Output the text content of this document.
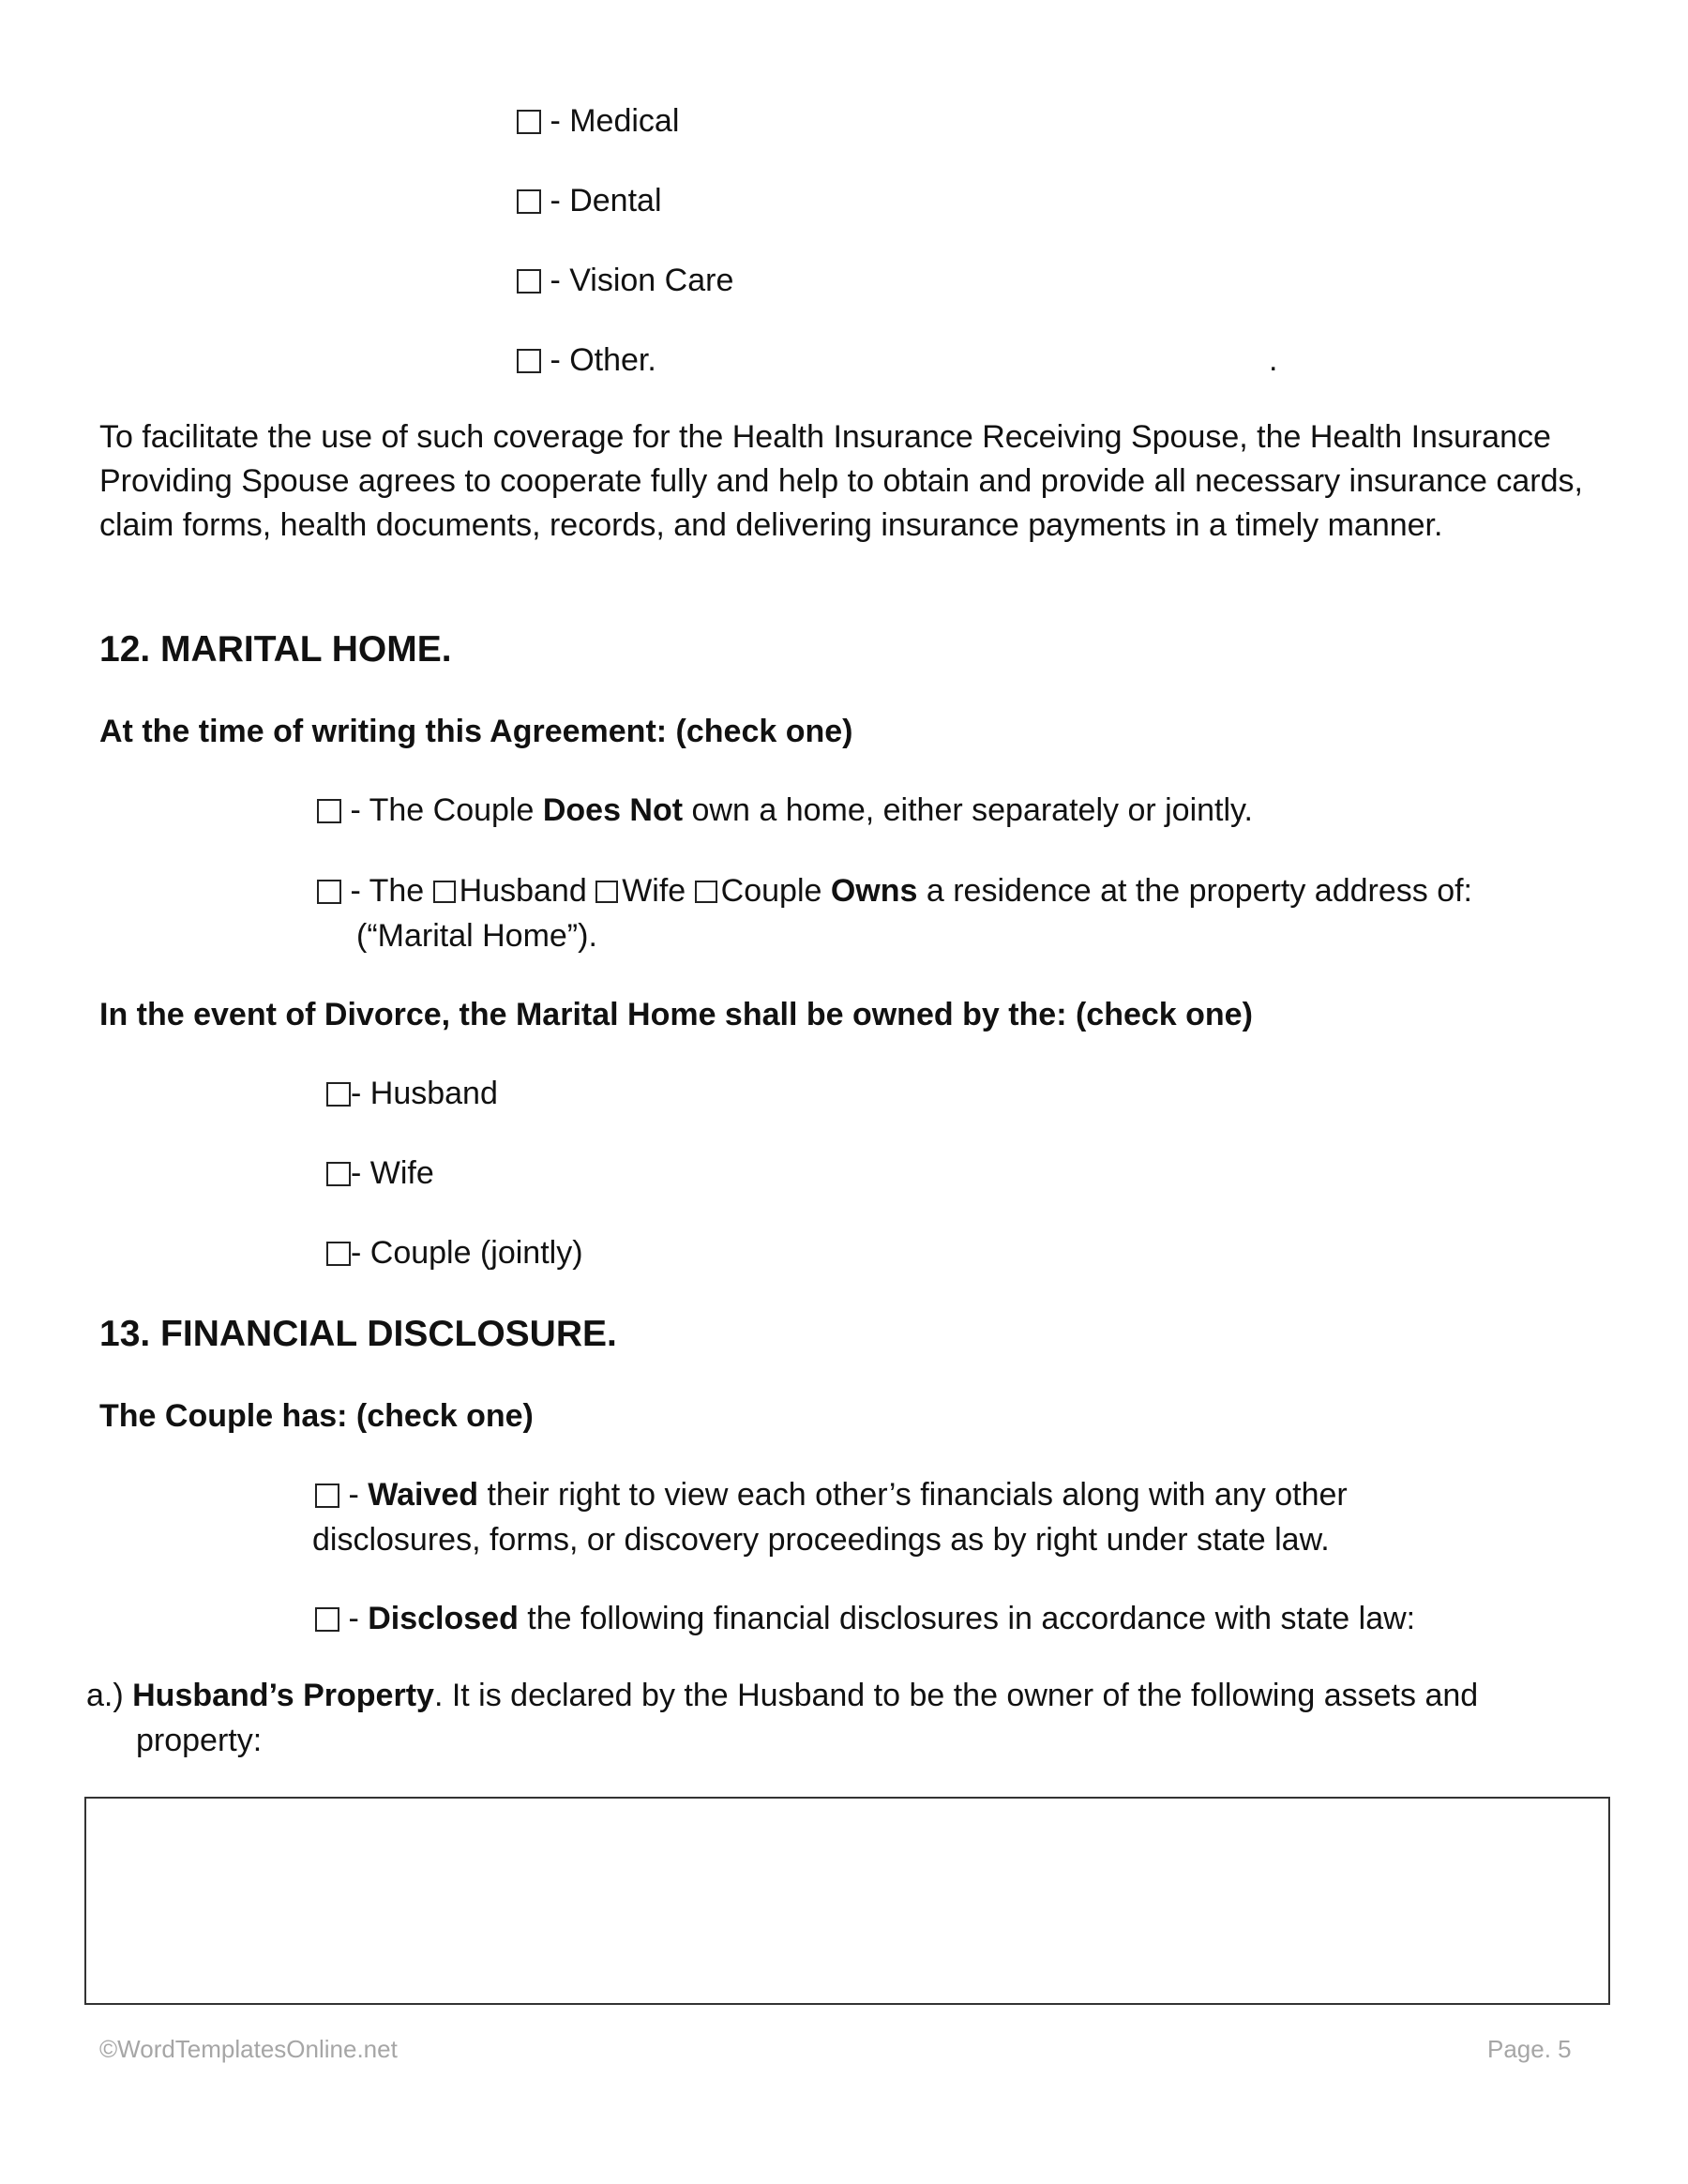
- Medical
- Dental
- Vision Care
- Other.	.
To facilitate the use of such coverage for the Health Insurance Receiving Spouse, the Health Insurance Providing Spouse agrees to cooperate fully and help to obtain and provide all necessary insurance cards, claim forms, health documents, records, and delivering insurance payments in a timely manner.
12. MARITAL HOME.
At the time of writing this Agreement: (check one)
- The Couple Does Not own a home, either separately or jointly.
- The Husband Wife Couple Owns a residence at the property address of:
(“Marital Home”).
In the event of Divorce, the Marital Home shall be owned by the: (check one)
- Husband
- Wife
- Couple (jointly)
13. FINANCIAL DISCLOSURE.
The Couple has: (check one)
- Waived their right to view each other’s financials along with any other
disclosures, forms, or discovery proceedings as by right under state law.
- Disclosed the following financial disclosures in accordance with state law:
a.) Husband’s Property. It is declared by the Husband to be the owner of the following assets and
property:
©WordTemplatesOnline.net	Page. 5
